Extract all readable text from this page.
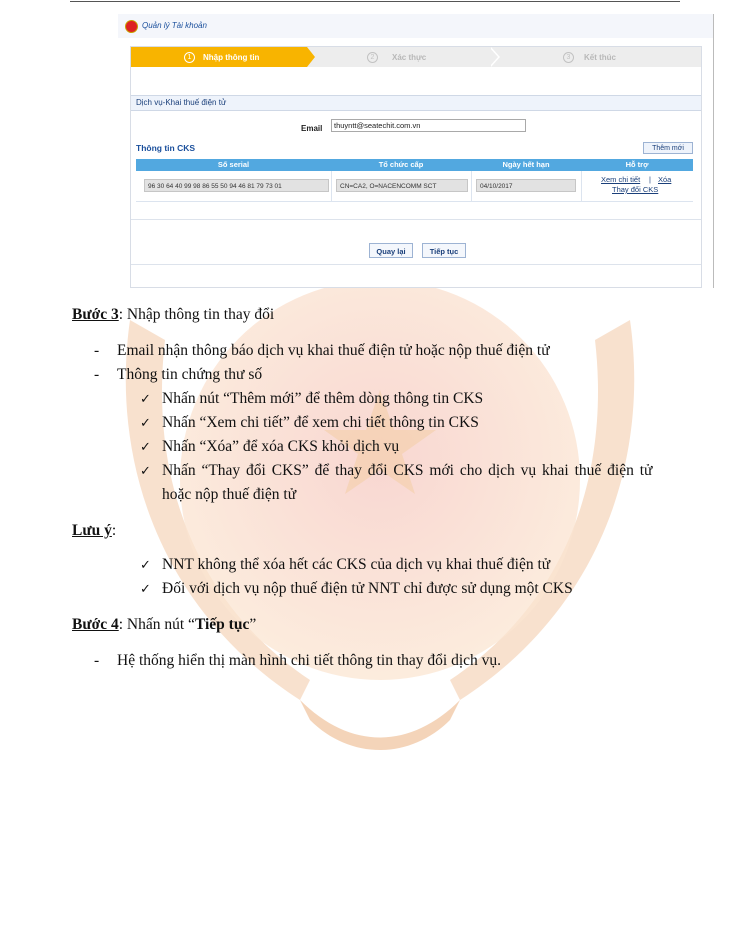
Quản lý Tài khoản
1	Nhập thông tin	2	Xác thực	3	Kết thúc
Dịch vụ-Khai thuế điện tử
Email
thuyntt@seatechit.com.vn
Thông tin CKS	Thêm mới
Số serial	Tổ chức cấp	Ngày hết hạn	Hỗ trợ
96 30 64 40 99 98 86 55 50 94 46 81 79 73 01	CN=CA2, O=NACENCOMM SCT	04/10/2017
Xem chi tiết | Xóa
Thay đổi CKS
Quay lại	Tiếp tục
Bước 3: Nhập thông tin thay đổi
- Email nhận thông báo dịch vụ khai thuế điện tử hoặc nộp thuế điện tử
- Thông tin chứng thư số
✓ Nhấn nút “Thêm mới” để thêm dòng thông tin CKS
✓ Nhấn “Xem chi tiết” để xem chi tiết thông tin CKS
✓ Nhấn “Xóa” để xóa CKS khỏi dịch vụ
✓ Nhấn “Thay đổi CKS” để thay đổi CKS mới cho dịch vụ khai thuế điện tử
hoặc nộp thuế điện tử
Lưu ý:
✓ NNT không thể xóa hết các CKS của dịch vụ khai thuế điện tử
✓ Đối với dịch vụ nộp thuế điện tử NNT chỉ được sử dụng một CKS
Bước 4: Nhấn nút “Tiếp tục”
- Hệ thống hiển thị màn hình chi tiết thông tin thay đổi dịch vụ.
